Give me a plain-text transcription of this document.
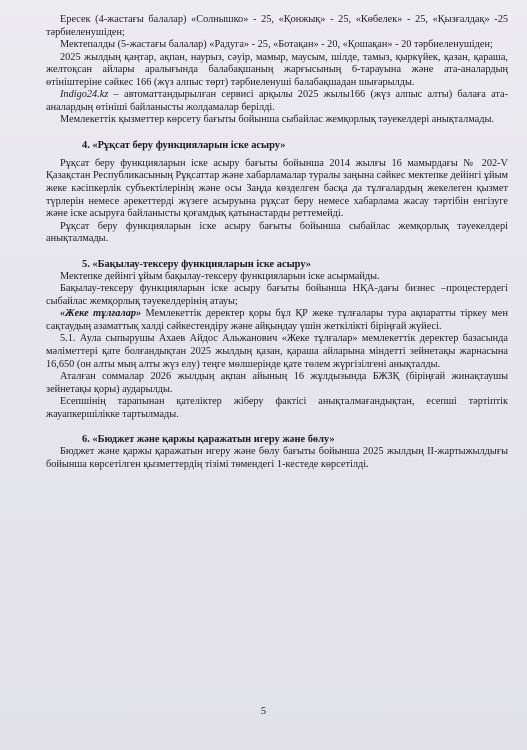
Ересек (4-жастағы балалар) «Солнышко» - 25, «Қонжық» - 25, «Көбелек» - 25, «Қызғалдақ» -25 тәрбиеленушіден;

Мектепалды (5-жастағы балалар) «Радуга» - 25, «Ботақан» - 20, «Қошақан» - 20 тәрбиеленушіден;

2025 жылдың қаңтар, ақпан, наурыз, сәуір, мамыр, маусым, шілде, тамыз, қыркүйек, қазан, қараша, желтоқсан айлары аралығында балабақшаның жарғысының 6-тарауына және ата-аналардың өтініштеріне сәйкес 166 (жүз алпыс төрт) тәрбиеленуші балабақшадан шығарылды.

Indigo24.kz – автоматтандырылған сервисі арқылы 2025 жылы166 (жүз алпыс алты) балаға ата-аналардың өтініші байланысты жолдамалар берілді.

Мемлекеттік қызметтер көрсету бағыты бойынша сыбайлас жемқорлық тәуекелдері анықталмады.

4. «Рұқсат беру функцияларын іске асыру»

Рұқсат беру функцияларын іске асыру бағыты бойынша 2014 жылғы 16 мамырдағы № 202-V Қазақстан Республикасының Рұқсаттар және хабарламалар туралы заңына сәйкес мектепке дейінгі ұйым жеке кәсіпкерлік субъектілерінің және осы Заңда көзделген басқа да тұлғалардың жекелеген қызмет түрлерін немесе әрекеттерді жүзеге асыруына рұқсат беру немесе хабарлама жасау тәртібін енгізуге және іске асыруға байланысты қоғамдық қатынастарды реттемейді.

Рұқсат беру функцияларын іске асыру бағыты бойынша сыбайлас жемқорлық тәуекелдері анықталмады.

5. «Бақылау-тексеру функцияларын іске асыру»

Мектепке дейінгі ұйым бақылау-тексеру функцияларын іске асырмайды.

Бақылау-тексеру функцияларын іске асыру бағыты бойынша НҚА-дағы бизнес –процестердегі сыбайлас жемқорлық тәуекелдерінің атауы;

«Жеке тұлғалар» Мемлекеттік деректер қоры бұл ҚР жеке тұлғалары тура ақпаратты тіркеу мен сақтаудың азаматтық халді сәйкестендіру және айқындау үшін жеткілікті біріңғай жүйесі.

5.1. Аула сыпырушы Ахаев Айдос Альжанович «Жеке тұлғалар» мемлекеттік деректер базасында мәліметтері қате болғандықтан 2025 жылдың қазан, қараша айларына міндетті зейнетақы жарнасына 16,650 (он алты мың алты жүз елу) теңге мөлшерінде қате төлем жүргізілгені анықталды.

Аталған соммалар 2026 жылдың ақпан айының 16 жұлдызында БЖЗҚ (біріңғай жинақтаушы зейнетақы қоры) аударылды.

Есепшінің тарапынан қателіктер жіберу фактісі анықталмағандықтан, есепші тәртіптік жауапкершілікке тартылмады.

6. «Бюджет және қаржы қаражатын игеру және бөлу»

Бюджет және қаржы қаражатын игеру және бөлу бағыты бойынша 2025 жылдың ІІ-жартыжылдығы бойынша көрсетілген қызметтердің тізімі төмендегі 1-кестеде көрсетілді.

5
